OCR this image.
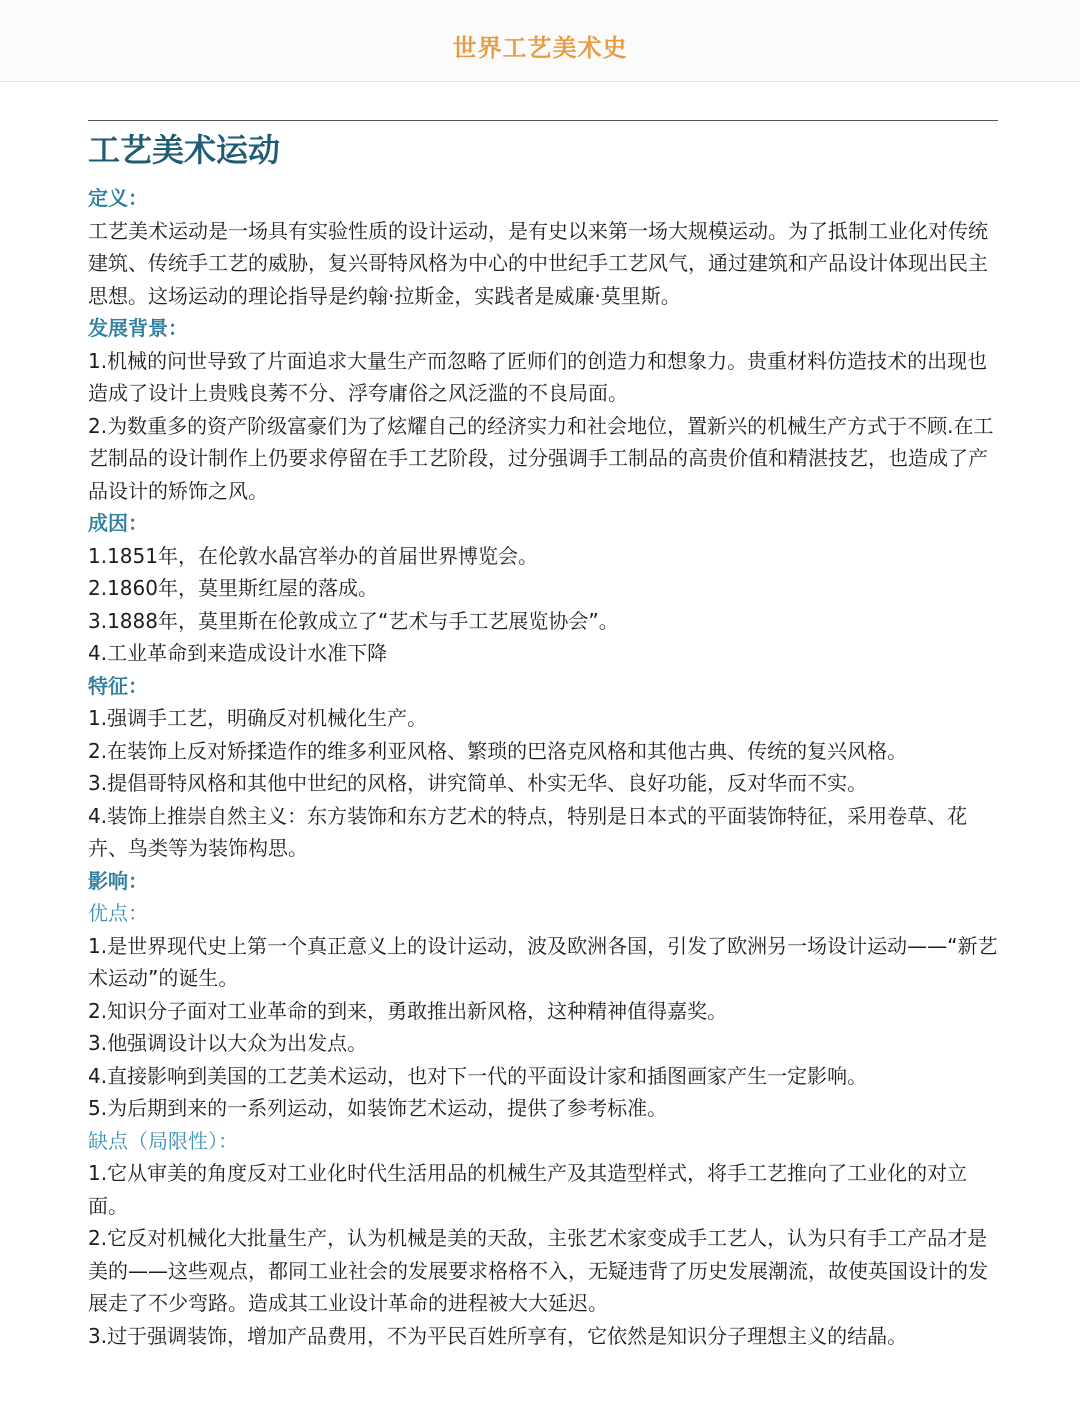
世界工艺美术史
工艺美术运动
定义：

工艺美术运动是一场具有实验性质的设计运动，是有史以来第一场大规模运动。为了抵制工业化对传统建筑、传统手工艺的威胁，复兴哥特风格为中心的中世纪手工艺风气，通过建筑和产品设计体现出民主思想。这场运动的理论指导是约翰·拉斯金，实践者是威廉·莫里斯。

发展背景：

1.机械的问世导致了片面追求大量生产而忽略了匠师们的创造力和想象力。贵重材料仿造技术的出现也造成了设计上贵贱良莠不分、浮夸庸俗之风泛滥的不良局面。

2.为数重多的资产阶级富豪们为了炫耀自己的经济实力和社会地位，置新兴的机械生产方式于不顾.在工艺制品的设计制作上仍要求停留在手工艺阶段，过分强调手工制品的高贵价值和精湛技艺，也造成了产品设计的矫饰之风。

成因：

1.1851年，在伦敦水晶宫举办的首届世界博览会。

2.1860年，莫里斯红屋的落成。

3.1888年，莫里斯在伦敦成立了“艺术与手工艺展览协会”。

4.工业革命到来造成设计水准下降

特征：

1.强调手工艺，明确反对机械化生产。

2.在装饰上反对矫揉造作的维多利亚风格、繁琐的巴洛克风格和其他古典、传统的复兴风格。

3.提倡哥特风格和其他中世纪的风格，讲究简单、朴实无华、良好功能，反对华而不实。

4.装饰上推崇自然主义：东方装饰和东方艺术的特点，特别是日本式的平面装饰特征，采用卷草、花卉、鸟类等为装饰构思。

影响：
优点：

1.是世界现代史上第一个真正意义上的设计运动，波及欧洲各国，引发了欧洲另一场设计运动——“新艺术运动”的诞生。

2.知识分子面对工业革命的到来，勇敢推出新风格，这种精神值得嘉奖。

3.他强调设计以大众为出发点。

4.直接影响到美国的工艺美术运动，也对下一代的平面设计家和插图画家产生一定影响。

5.为后期到来的一系列运动，如装饰艺术运动，提供了参考标准。

缺点（局限性）：

1.它从审美的角度反对工业化时代生活用品的机械生产及其造型样式，将手工艺推向了工业化的对立面。

2.它反对机械化大批量生产，认为机械是美的天敌，主张艺术家变成手工艺人，认为只有手工产品才是美的——这些观点，都同工业社会的发展要求格格不入，无疑违背了历史发展潮流，故使英国设计的发展走了不少弯路。造成其工业设计革命的进程被大大延迟。

3.过于强调装饰，增加产品费用，不为平民百姓所享有，它依然是知识分子理想主义的结晶。
